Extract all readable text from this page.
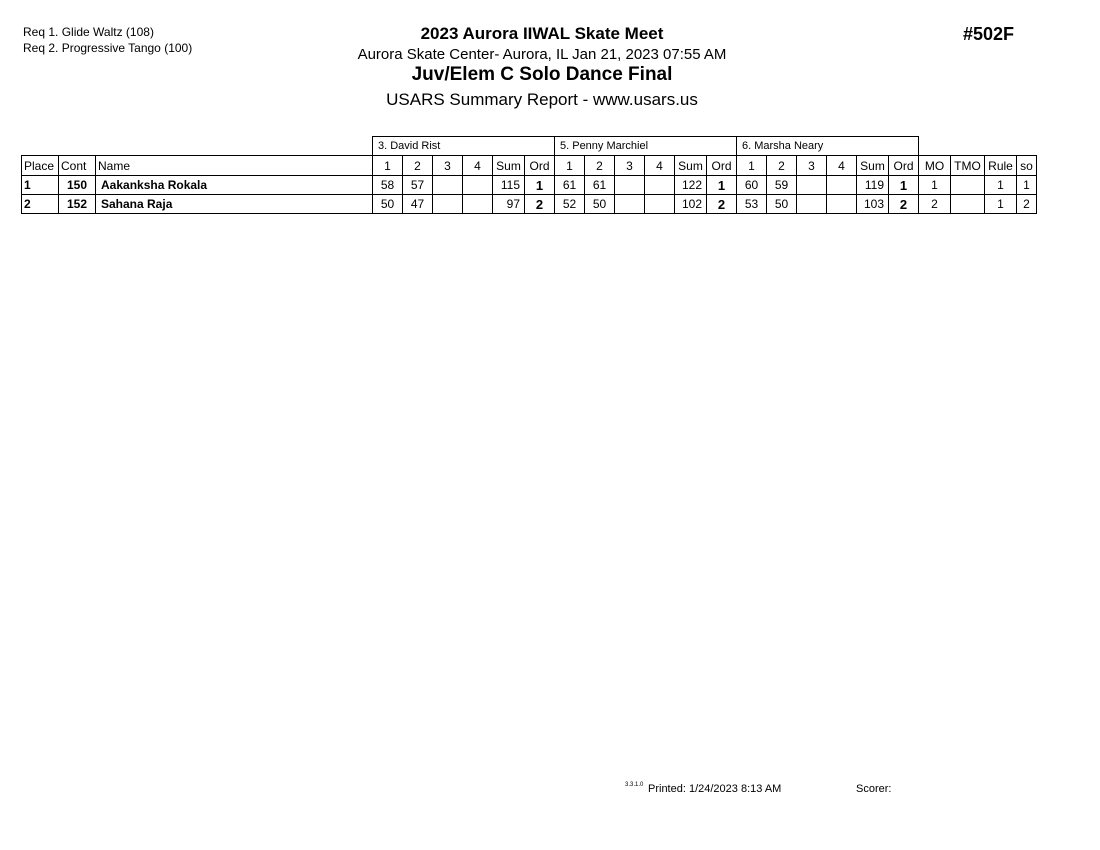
Req 1. Glide Waltz (108)
Req 2. Progressive Tango (100)
2023 Aurora IIWAL Skate Meet
Aurora Skate Center- Aurora, IL Jan 21, 2023 07:55 AM
Juv/Elem C Solo Dance Final
USARS Summary Report - www.usars.us
#502F
			3. David Rist						5. Penny Marchiel						6. Marsha Neary									
Place	Cont	Name	1	2	3	4	Sum	Ord	1	2	3	4	Sum	Ord	1	2	3	4	Sum	Ord	MO	TMO	Rule	so
1	150	Aakanksha Rokala	58	57			115	1	61	61			122	1	60	59			119	1	1		1	1
2	152	Sahana Raja	50	47			97	2	52	50			102	2	53	50			103	2	2		1	2
3.3.1.0 Printed: 1/24/2023 8:13 AM	Scorer:
